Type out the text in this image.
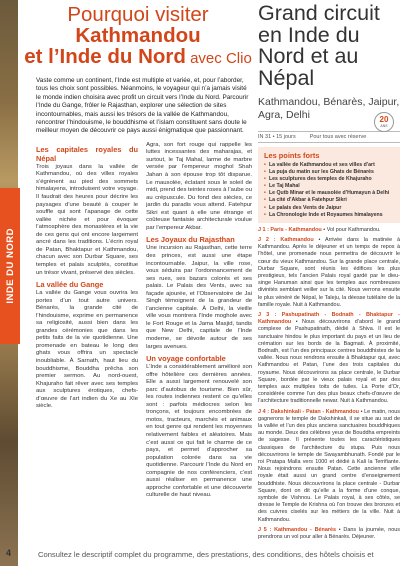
INDE DU NORD
Pourquoi visiter Kathmandou
et l’Inde du Nord avec Clio

Vaste comme un continent, l’Inde est multiple et variée, et, pour l’aborder, tous les choix sont possibles. Néanmoins, le voyageur qui n’a jamais visité le monde indien choisira avec profit un circuit vers l’Inde du Nord. Parcourir l’Inde du Gange, frôler le Rajasthan, explorer une sélection de sites incontournables, mais aussi les trésors de la vallée de Kathmandou, rencontrer l’hindouisme, le bouddhisme et l’islam constituent sans doute le meilleur moyen de découvrir ce pays aussi énigmatique que passionnant.

Les capitales royales du Népal

Trois joyaux dans la vallée de Kathmandou, où des villes royales s’égrènent au pied des sommets himalayens, introduisent votre voyage. Il faudrait des heures pour décrire les paysages d’une beauté à couper le souffle qui sont l’apanage de cette vallée nichée et pour évoquer l’atmosphère des monastères et la vie de ces gens qui ont encore largement ancré dans les traditions. L’écrin royal de Patan, Bhaktapur et Kathmandou, chacun avec son Durbar Square, ses temples et palais sculptés, constitue un trésor vivant, préservé des siècles.

La vallée du Gange

La vallée du Gange vous ouvrira les portes d’un tout autre univers. Bénarès, la grande cité de l’hindouisme, exprime en permanence sa religiosité, aussi bien dans les grandes cérémonies que dans les petits faits de la vie quotidienne. Une promenade en bateau le long des ghats vous offrira un spectacle inoubliable. À Sarnath, haut lieu du bouddhisme, Bouddha prêcha son premier sermon. Au nord-ouest, Khajuraho fait rêver avec ses temples aux sculptures érotiques, chefs-d’œuvre de l’art indien du Xe au XIe siècle.

Agra, son fort rouge qui rappelle les luttes incessantes des maharajas, et surtout, le Taj Mahal, larme de marbre versée par l’empereur moghol Shah Jahan à son épouse trop tôt disparue. Le mausolée, éclatant sous le soleil de midi, prend des teintes roses à l’aube ou au crépuscule. Du fond des siècles, ce jardin du paradis vous attend. Fatehpur Sikri est quant à elle une étrange et coûteuse fantaisie architecturale voulue par l’empereur Akbar.

Les Joyaux du Rajasthan

Une incursion au Rajasthan, cette terre des princes, est aussi une étape incontournable. Jaipur, la ville rose, vous séduira par l’ordonnancement de ses rues, ses bazars colorés et ses palais. Le Palais des Vents, avec sa façade ajourée, et l’Observatoire de Jai Singh témoignent de la grandeur de l’ancienne capitale. À Delhi, la vieille ville vous montrera l’Inde moghole avec le Fort Rouge et la Jama Masjid, tandis que New Delhi, capitale de l’Inde moderne, se dévoile autour de ses larges avenues.

Un voyage confortable

L’Inde a considérablement amélioré son offre hôtelière ces dernières années. Elle a aussi largement renouvelé son parc d’autobus de tourisme. Bien sûr, les routes indiennes restent ce qu’elles sont : parfois médiocres selon les tronçons, et toujours encombrées de motos, tracteurs, marchés et animaux en tout genre qui rendent les moyennes relativement faibles et aléatoires. Mais c’est aussi ce qui fait le charme de ce pays, et permet d’approcher sa population colorée dans sa vie quotidienne. Parcourir l’Inde du Nord en compagnie de nos conférenciers, c’est aussi réaliser en permanence une approche confortable et une découverte culturelle de haut niveau.

Grand circuit en Inde du Nord et au Népal
Kathmandou, Bénarès, Jaipur, Agra, Delhi	20
ANS
IN 31 • 15 jours	Pour tous avec réserve
Les points forts
• La vallée de Kathmandou et ses villes d’art
• La puja du matin sur les Ghats de Bénarès
• Les sculptures des temples de Khajuraho
• Le Taj Mahal
• Le Qutb Minar et le mausolée d’Humayun à Delhi
• La cité d’Akbar à Fatehpur Sikri
• Le palais des Vents de Jaipur
• La Chronologie Inde et Royaumes himalayens

J 1 : Paris - Kathmandou • Vol pour Kathmandou.

J 2 : Kathmandou • Arrivée dans la matinée à Kathmandou. Après le déjeuner et un temps de repos à l’hôtel, une promenade nous permettra de découvrir le cœur du vieux Kathmandou. Sur la grande place centrale, Durbar Square, sont réunis les édifices les plus prestigieux, tels l’ancien Palais royal gardé par le dieu-singe Hanuman ainsi que les temples aux nombreuses divinités semblant veiller sur la cité. Nous verrons ensuite le plus vénéré de Népal, le Taleju, la déesse tutélaire de la famille royale. Nuit à Kathmandou.

J 3 : Pashupatinath - Bodnath - Bhaktapur - Kathmandou • Nous découvrirons d’abord le grand complexe de Pashupatinath, dédié à Shiva. Il est le sanctuaire hindou le plus important du pays et un lieu de crémation sur les bords de la Bagmati. À proximité, Bodnath, est l’un des principaux centres bouddhistes de la vallée. Nous nous rendrons ensuite à Bhaktapur qui, avec Kathmandou et Patan, l’une des trois capitales du royaume. Nous découvrirons sa place centrale, le Durbar Square, bordée par le vieux palais royal et par des temples aux multiples toits de tuiles. La Porte d’Or, considérée comme l’un des plus beaux chefs-d’œuvre de l’architecture traditionnelle newar. Nuit à Kathmandou.

J 4 : Dakshinkali - Patan - Kathmandou • Le matin, nous gagnerons le temple de Dakshinkali, il se situe au sud de la vallée et l’un des plus anciens sanctuaires bouddhiques au monde. Deux des célèbres yeux de Bouddha empreints de sagesse. Il présente toutes les caractéristiques classiques de l’architecture du stupa. Puis nous découvrirons le temple de Swayambhunath. Fondé par le roi Pratapa Malla vers 1000 et dédié à Kali la Terrifiante. Nous rejoindrons ensuite Patan. Cette ancienne ville royale était aussi un grand centre d’enseignement bouddhiste. Nous découvrirons la place centrale - Durbar Square, dont on dit qu’elle a la forme d’une conque, symbole de Vishnou. Le Palais royal, à ses côtés, se dresse le Temple de Krishna où l’on trouve des bronzes et des cuivres ciselés sur les métiers de la ville. Nuit à Kathmandou.

J 5 : Kathmandou - Bénarès • Dans la journée, nous prendrons un vol pour aller à Bénarès. Déjeuner.

4	Consultez le descriptif complet du programme, des prestations, des conditions, des hôtels choisis et
